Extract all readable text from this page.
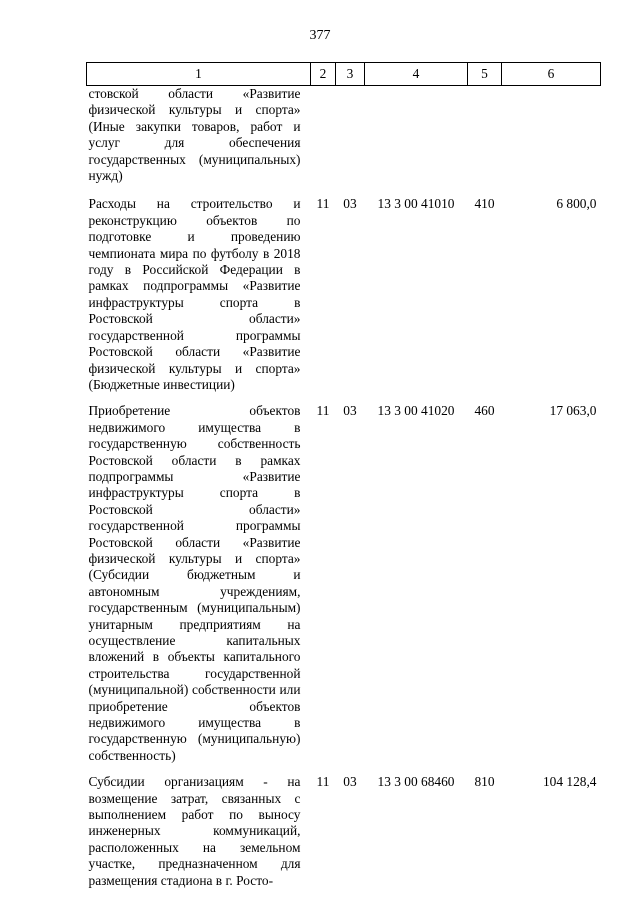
377
1	2	3	4	5	6
стовской области «Развитие физической культуры и спорта» (Иные закупки товаров, работ и услуг для обеспечения государственных (муниципальных) нужд)					
Расходы на строительство и реконструкцию объектов по подготовке и проведению чемпионата мира по футболу в 2018 году в Российской Федерации в рамках подпрограммы «Развитие инфраструктуры спорта в Ростовской области» государственной программы Ростовской области «Развитие физической культуры и спорта» (Бюджетные инвестиции)	11	03	13 3 00 41010	410	6 800,0
Приобретение объектов недвижимого имущества в государственную собственность Ростовской области в рамках подпрограммы «Развитие инфраструктуры спорта в Ростовской области» государственной программы Ростовской области «Развитие физической культуры и спорта» (Субсидии бюджетным и автономным учреждениям, государственным (муниципальным) унитарным предприятиям на осуществление капитальных вложений в объекты капитального строительства государственной (муниципальной) собственности или приобретение объектов недвижимого имущества в государственную (муниципальную) собственность)	11	03	13 3 00 41020	460	17 063,0
Субсидии организациям - на возмещение затрат, связанных с выполнением работ по выносу инженерных коммуникаций, расположенных на земельном участке, предназначенном для размещения стадиона в г. Росто-	11	03	13 3 00 68460	810	104 128,4
